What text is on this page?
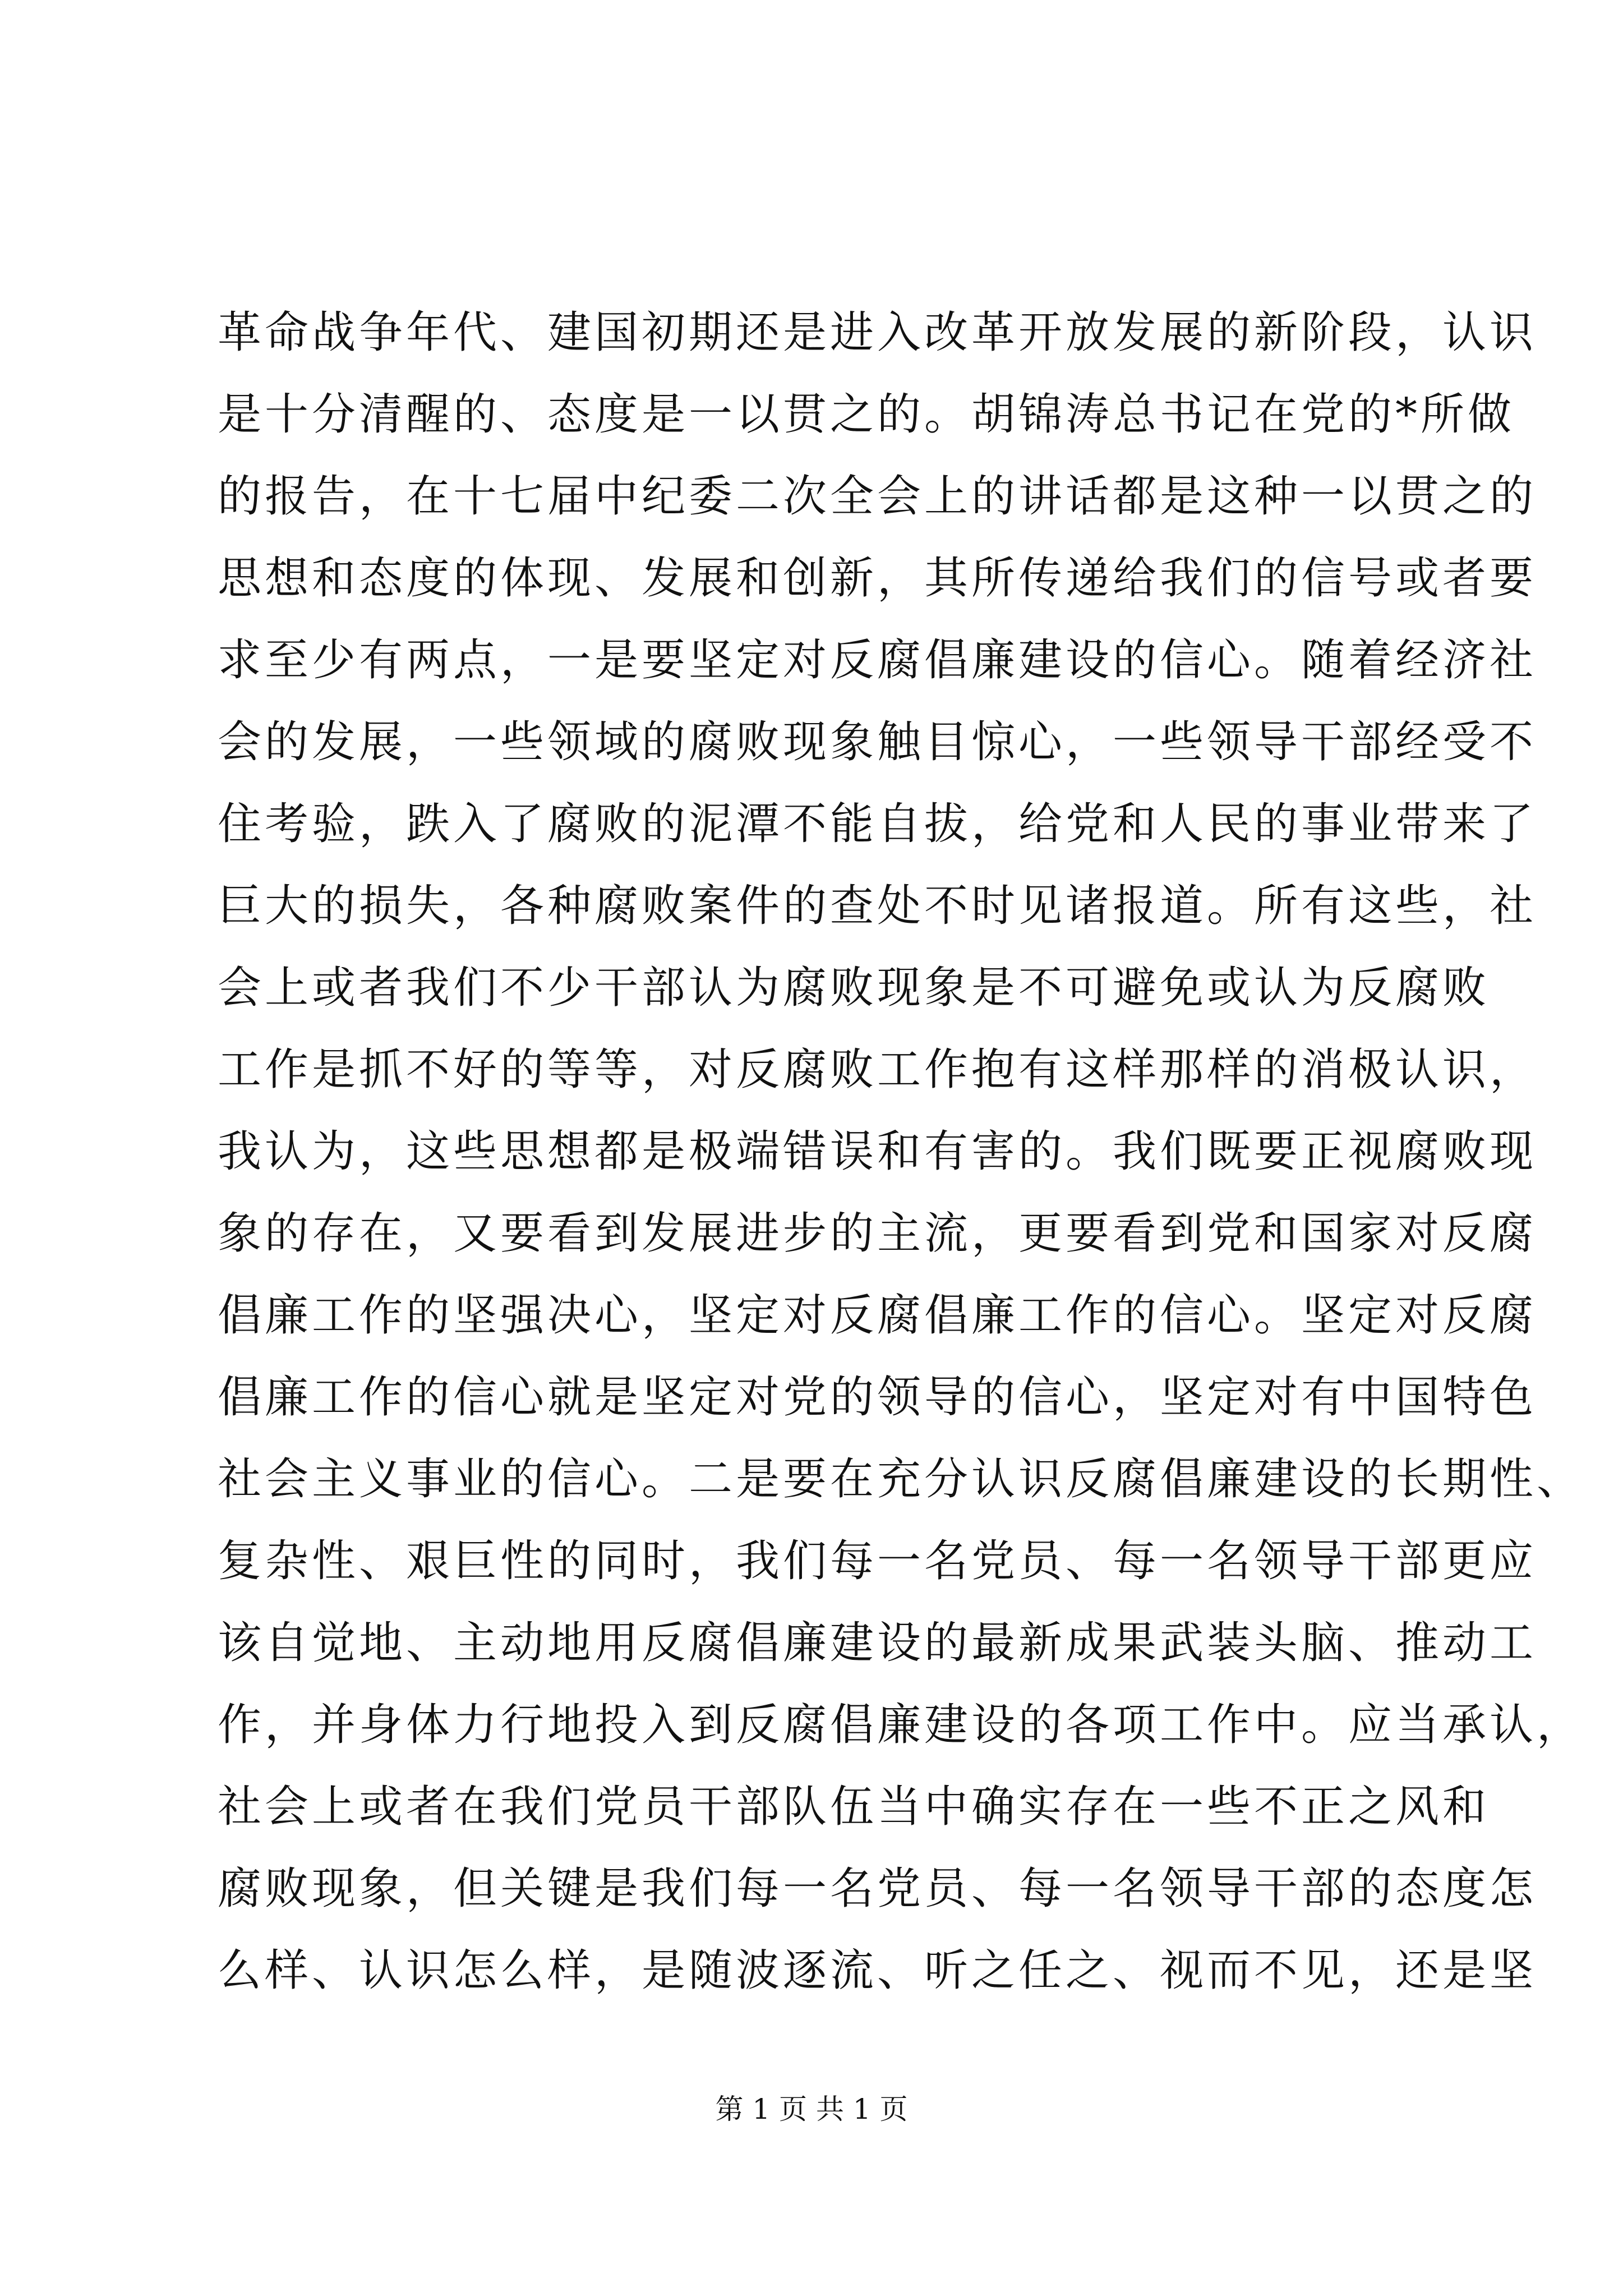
革命战争年代、建国初期还是进入改革开放发展的新阶段，认识
是十分清醒的、态度是一以贯之的。胡锦涛总书记在党的*所做
的报告，在十七届中纪委二次全会上的讲话都是这种一以贯之的
思想和态度的体现、发展和创新，其所传递给我们的信号或者要
求至少有两点，一是要坚定对反腐倡廉建设的信心。随着经济社
会的发展，一些领域的腐败现象触目惊心，一些领导干部经受不
住考验，跌入了腐败的泥潭不能自拔，给党和人民的事业带来了
巨大的损失，各种腐败案件的查处不时见诸报道。所有这些，社
会上或者我们不少干部认为腐败现象是不可避免或认为反腐败
工作是抓不好的等等，对反腐败工作抱有这样那样的消极认识，
我认为，这些思想都是极端错误和有害的。我们既要正视腐败现
象的存在，又要看到发展进步的主流，更要看到党和国家对反腐
倡廉工作的坚强决心，坚定对反腐倡廉工作的信心。坚定对反腐
倡廉工作的信心就是坚定对党的领导的信心，坚定对有中国特色
社会主义事业的信心。二是要在充分认识反腐倡廉建设的长期性、
复杂性、艰巨性的同时，我们每一名党员、每一名领导干部更应
该自觉地、主动地用反腐倡廉建设的最新成果武装头脑、推动工
作，并身体力行地投入到反腐倡廉建设的各项工作中。应当承认，
社会上或者在我们党员干部队伍当中确实存在一些不正之风和
腐败现象，但关键是我们每一名党员、每一名领导干部的态度怎
么样、认识怎么样，是随波逐流、听之任之、视而不见，还是坚
第 1 页 共 1 页
